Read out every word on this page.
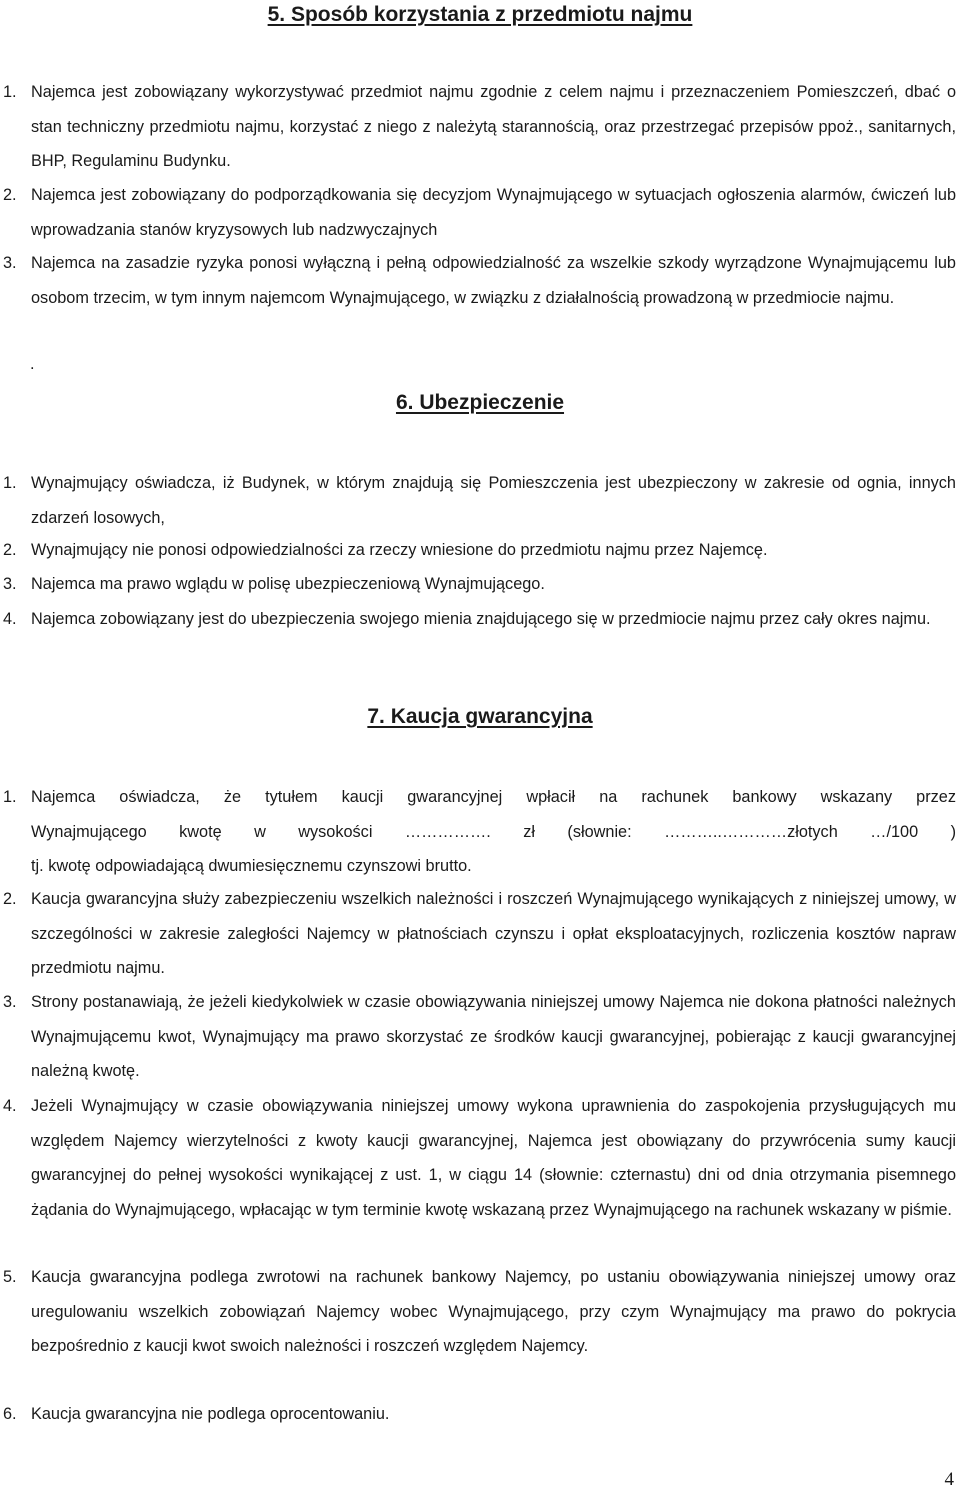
5. Sposób korzystania z przedmiotu najmu
1. Najemca jest zobowiązany wykorzystywać przedmiot najmu zgodnie z celem najmu i przeznaczeniem Pomieszczeń, dbać o stan techniczny przedmiotu najmu, korzystać z niego z należytą starannością, oraz przestrzegać przepisów ppoż., sanitarnych, BHP, Regulaminu Budynku.
2. Najemca jest zobowiązany do podporządkowania się decyzjom Wynajmującego w sytuacjach ogłoszenia alarmów, ćwiczeń lub wprowadzania stanów kryzysowych lub nadzwyczajnych
3. Najemca na zasadzie ryzyka ponosi wyłączną i pełną odpowiedzialność za wszelkie szkody wyrządzone Wynajmującemu lub osobom trzecim, w tym innym najemcom Wynajmującego, w związku z działalnością prowadzoną w przedmiocie najmu.

.

6. Ubezpieczenie
1. Wynajmujący oświadcza, iż Budynek, w którym znajdują się Pomieszczenia jest ubezpieczony w zakresie od ognia, innych zdarzeń losowych,
2. Wynajmujący nie ponosi odpowiedzialności za rzeczy wniesione do przedmiotu najmu przez Najemcę.
3. Najemca ma prawo wglądu w polisę ubezpieczeniową Wynajmującego.
4. Najemca zobowiązany jest do ubezpieczenia swojego mienia znajdującego się w przedmiocie najmu przez cały okres najmu.
7. Kaucja gwarancyjna
1. Najemca oświadcza, że tytułem kaucji gwarancyjnej wpłacił na rachunek bankowy wskazany przez
Wynajmującego kwotę w wysokości ……………. zł (słownie: ………..…………złotych …/100 )
tj. kwotę odpowiadającą dwumiesięcznemu czynszowi brutto.
2. Kaucja gwarancyjna służy zabezpieczeniu wszelkich należności i roszczeń Wynajmującego wynikających z niniejszej umowy, w szczególności w zakresie zaległości Najemcy w płatnościach czynszu i opłat eksploatacyjnych, rozliczenia kosztów napraw przedmiotu najmu.
3. Strony postanawiają, że jeżeli kiedykolwiek w czasie obowiązywania niniejszej umowy Najemca nie dokona płatności należnych Wynajmującemu kwot, Wynajmujący ma prawo skorzystać ze środków kaucji gwarancyjnej, pobierając z kaucji gwarancyjnej należną kwotę.
4. Jeżeli Wynajmujący w czasie obowiązywania niniejszej umowy wykona uprawnienia do zaspokojenia przysługujących mu względem Najemcy wierzytelności z kwoty kaucji gwarancyjnej, Najemca jest obowiązany do przywrócenia sumy kaucji gwarancyjnej do pełnej wysokości wynikającej z ust. 1, w ciągu 14 (słownie: czternastu) dni od dnia otrzymania pisemnego żądania do Wynajmującego, wpłacając w tym terminie kwotę wskazaną przez Wynajmującego na rachunek wskazany w piśmie.
5. Kaucja gwarancyjna podlega zwrotowi na rachunek bankowy Najemcy, po ustaniu obowiązywania niniejszej umowy oraz uregulowaniu wszelkich zobowiązań Najemcy wobec Wynajmującego, przy czym Wynajmujący ma prawo do pokrycia bezpośrednio z kaucji kwot swoich należności i roszczeń względem Najemcy.
6. Kaucja gwarancyjna nie podlega oprocentowaniu.

4
